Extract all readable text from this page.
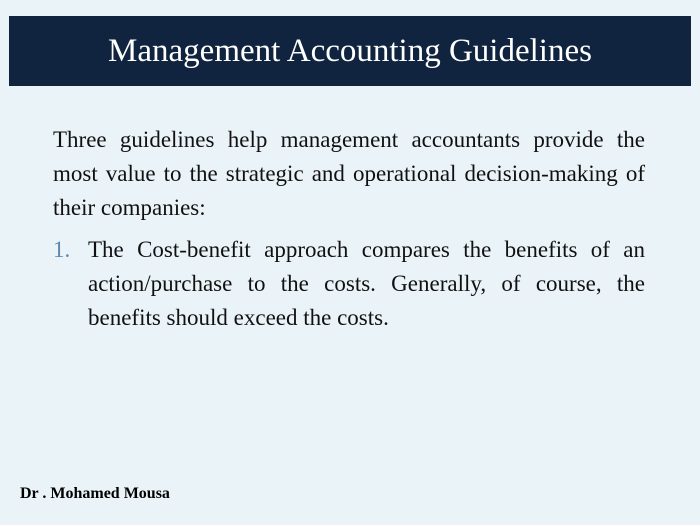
Management Accounting Guidelines

Three guidelines help management accountants provide the most value to the strategic and operational decision-making of their companies:

1. The Cost-benefit approach compares the benefits of an action/purchase to the costs. Generally, of course, the benefits should exceed the costs.
Dr . Mohamed Mousa
